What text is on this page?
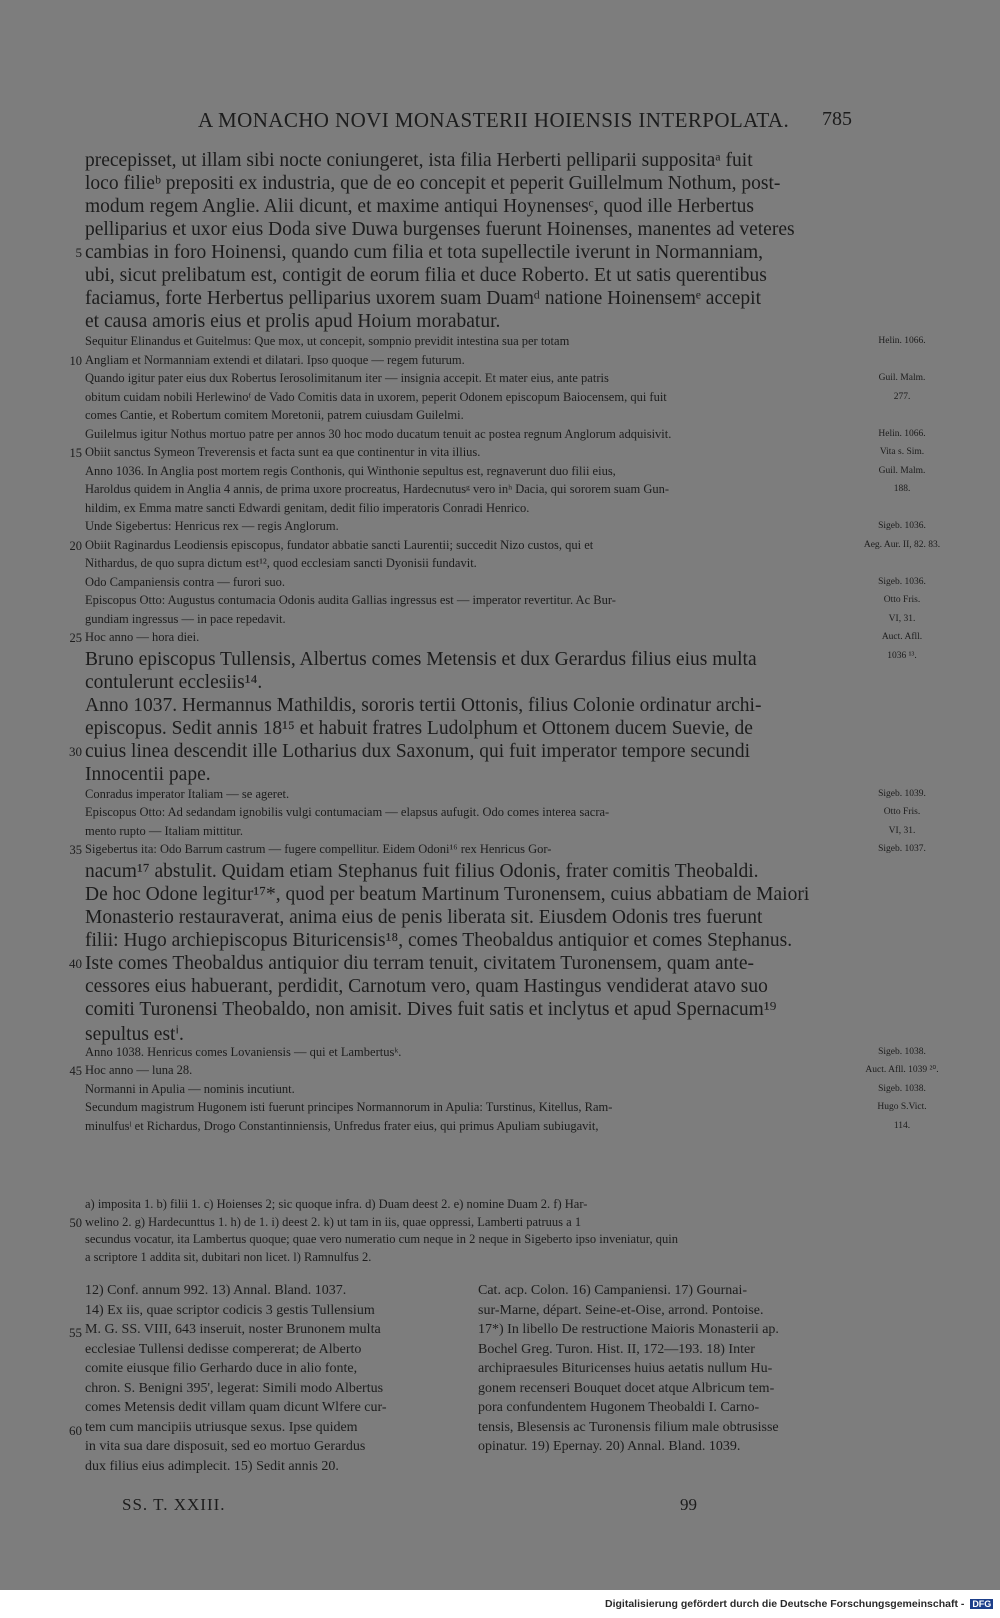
A MONACHO NOVI MONASTERII HOIENSIS INTERPOLATA. 785
precepisset, ut illam sibi nocte coniungeret, ista filia Herberti pelliparii suppositaᵃ fuit
loco filieᵇ prepositi ex industria, que de eo concepit et peperit Guillelmum Nothum, post-
modum regem Anglie. Alii dicunt, et maxime antiqui Hoynensesᶜ, quod ille Herbertus
pelliparius et uxor eius Doda sive Duwa burgenses fuerunt Hoinenses, manentes ad veteres
5 cambias in foro Hoinensi, quando cum filia et tota supellectile iverunt in Normanniam,
ubi, sicut prelibatum est, contigit de eorum filia et duce Roberto. Et ut satis querentibus
faciamus, forte Herbertus pelliparius uxorem suam Duamᵈ natione Hoinensemᵉ accepit
et causa amoris eius et prolis apud Hoium morabatur.
Sequitur Elinandus et Guitelmus: Que mox, ut concepit, sompnio previdit intestina sua per totam	Helin. 1066.
10 Angliam et Normanniam extendi et dilatari. Ipso quoque — regem futurum.
Quando igitur pater eius dux Robertus Ierosolimitanum iter — insignia accepit. Et mater eius, ante patris	Guil. Malm.
obitum cuidam nobili Herlewinoᶠ de Vado Comitis data in uxorem, peperit Odonem episcopum Baiocensem, qui fuit	277.
comes Cantie, et Robertum comitem Moretonii, patrem cuiusdam Guilelmi.
Guilelmus igitur Nothus mortuo patre per annos 30 hoc modo ducatum tenuit ac postea regnum Anglorum adquisivit.	Helin. 1066.
15 Obiit sanctus Symeon Treverensis et facta sunt ea que continentur in vita illius.	Vita s. Sim.
Anno 1036. In Anglia post mortem regis Conthonis, qui Winthonie sepultus est, regnaverunt duo filii eius,	Guil. Malm.
Haroldus quidem in Anglia 4 annis, de prima uxore procreatus, Hardecnutusᵍ vero inʰ Dacia, qui sororem suam Gun-	188.
hildim, ex Emma matre sancti Edwardi genitam, dedit filio imperatoris Conradi Henrico.
Unde Sigebertus: Henricus rex — regis Anglorum.	Sigeb. 1036.
20 Obiit Raginardus Leodiensis episcopus, fundator abbatie sancti Laurentii; succedit Nizo custos, qui et	Aeg. Aur. II, 82. 83.
Nithardus, de quo supra dictum est¹², quod ecclesiam sancti Dyonisii fundavit.
Odo Campaniensis contra — furori suo.	Sigeb. 1036.
Episcopus Otto: Augustus contumacia Odonis audita Gallias ingressus est — imperator revertitur. Ac Bur-	Otto Fris.
gundiam ingressus — in pace repedavit.	VI, 31.
25 Hoc anno — hora diei.	Auct. Afll.
Bruno episcopus Tullensis, Albertus comes Metensis et dux Gerardus filius eius multa	1036 ¹³.
contulerunt ecclesiis¹⁴.
Anno 1037. Hermannus Mathildis, sororis tertii Ottonis, filius Colonie ordinatur archi-
episcopus. Sedit annis 18¹⁵ et habuit fratres Ludolphum et Ottonem ducem Suevie, de
30 cuius linea descendit ille Lotharius dux Saxonum, qui fuit imperator tempore secundi
Innocentii pape.
Conradus imperator Italiam — se ageret.	Sigeb. 1039.
Episcopus Otto: Ad sedandam ignobilis vulgi contumaciam — elapsus aufugit. Odo comes interea sacra-	Otto Fris.
mento rupto — Italiam mittitur.	VI, 31.
35 Sigebertus ita: Odo Barrum castrum — fugere compellitur. Eidem Odoni¹⁶ rex Henricus Gor-	Sigeb. 1037.
nacum¹⁷ abstulit. Quidam etiam Stephanus fuit filius Odonis, frater comitis Theobaldi.
De hoc Odone legitur¹⁷*, quod per beatum Martinum Turonensem, cuius abbatiam de Maiori
Monasterio restauraverat, anima eius de penis liberata sit. Eiusdem Odonis tres fuerunt
filii: Hugo archiepiscopus Bituricensis¹⁸, comes Theobaldus antiquior et comes Stephanus.
40 Iste comes Theobaldus antiquior diu terram tenuit, civitatem Turonensem, quam ante-
cessores eius habuerant, perdidit, Carnotum vero, quam Hastingus vendiderat atavo suo
comiti Turonensi Theobaldo, non amisit. Dives fuit satis et inclytus et apud Spernacum¹⁹
sepultus estⁱ.
Anno 1038. Henricus comes Lovaniensis — qui et Lambertusᵏ.	Sigeb. 1038.
45 Hoc anno — luna 28.	Auct. Afll. 1039 ²⁰.
Normanni in Apulia — nominis incutiunt.	Sigeb. 1038.
Secundum magistrum Hugonem isti fuerunt principes Normannorum in Apulia: Turstinus, Kitellus, Ram-	Hugo S.Vict.
minulfusˡ et Richardus, Drogo Constantinniensis, Unfredus frater eius, qui primus Apuliam subiugavit,	114.
a) imposita 1. b) filii 1. c) Hoienses 2; sic quoque infra. d) Duam deest 2. e) nomine Duam 2. f) Har-
50 welino 2. g) Hardecunttus 1. h) de 1. i) deest 2. k) ut tam in iis, quae oppressi, Lamberti patruus a 1
secundus vocatur, ita Lambertus quoque; quae vero numeratio cum neque in 2 neque in Sigeberto ipso inveniatur, quin
a scriptore 1 addita sit, dubitari non licet. l) Ramnulfus 2.
12) Conf. annum 992. 13) Annal. Bland. 1037.	Cat. acp. Colon. 16) Campaniensi. 17) Gournai-
14) Ex iis, quae scriptor codicis 3 gestis Tullensium	sur-Marne, départ. Seine-et-Oise, arrond. Pontoise.
55 M. G. SS. VIII, 643 inseruit, noster Brunonem multa	17*) In libello De restructione Maioris Monasterii ap.
ecclesiae Tullensi dedisse compererat; de Alberto	Bochel Greg. Turon. Hist. II, 172—193. 18) Inter
comite eiusque filio Gerhardo duce in alio fonte,	archipraesules Bituricenses huius aetatis nullum Hu-
chron. S. Benigni 395', legerat: Simili modo Albertus	gonem recenseri Bouquet docet atque Albricum tem-
comes Metensis dedit villam quam dicunt Wlfere cur-	pora confundentem Hugonem Theobaldi I. Carno-
60 tem cum mancipiis utriusque sexus. Ipse quidem	tensis, Blesensis ac Turonensis filium male obtrusisse
in vita sua dare disposuit, sed eo mortuo Gerardus	opinatur. 19) Epernay. 20) Annal. Bland. 1039.
dux filius eius adimplecit. 15) Sedit annis 20.
SS. T. XXIII.	99
Digitalisierung gefördert durch die Deutsche Forschungsgemeinschaft - DFG
